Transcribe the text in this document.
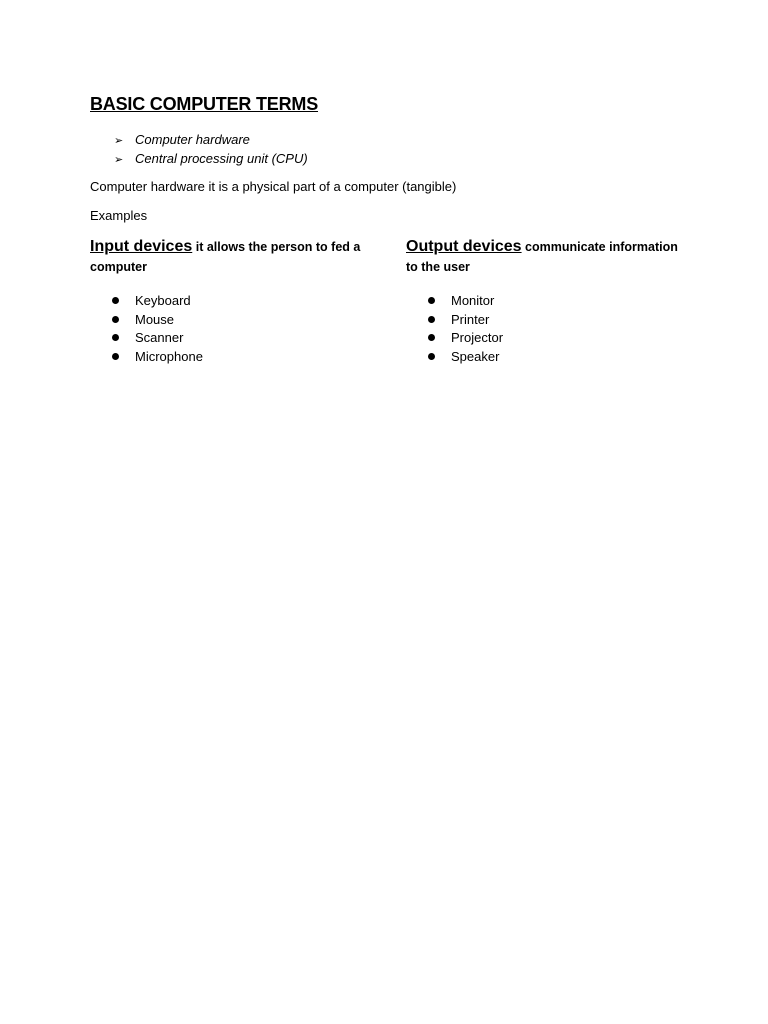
BASIC COMPUTER TERMS
➢ Computer hardware
➢ Central processing unit (CPU)
Computer hardware it is a physical part of a computer (tangible)
Examples
Input devices it allows the person to fed a computer
Keyboard
Mouse
Scanner
Microphone
Output devices communicate information to the user
Monitor
Printer
Projector
Speaker
